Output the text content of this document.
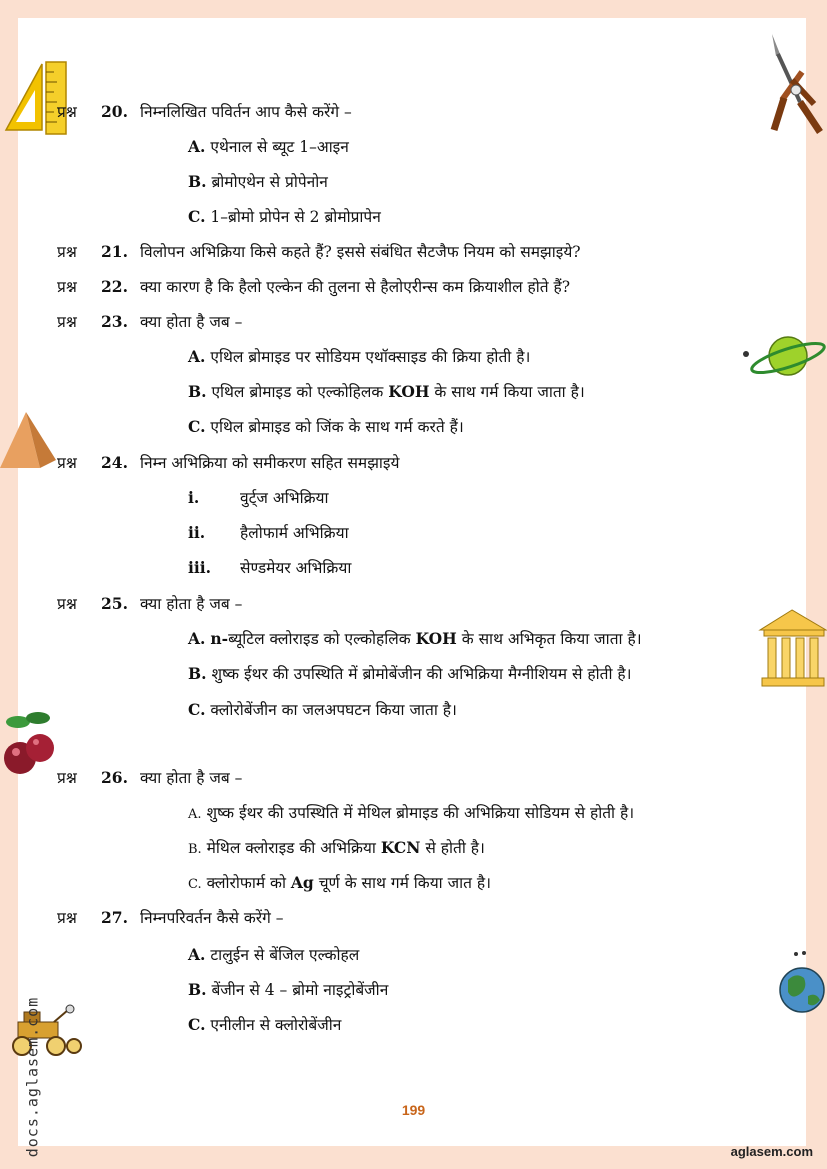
प्रश्न 20. निम्नलिखित पविर्तन आप कैसे करेंगे –
A. एथेनाल से ब्यूट 1–आइन
B. ब्रोमोएथेन से प्रोपेनोन
C. 1–ब्रोमो प्रोपेन से 2 ब्रोमोप्रापेन
प्रश्न 21. विलोपन अभिक्रिया किसे कहते हैं? इससे संबंधित सैटजैफ नियम को समझाइये?
प्रश्न 22. क्या कारण है कि हैलो एल्केन की तुलना से हैलोएरीन्स कम क्रियाशील होते हैं?
प्रश्न 23. क्या होता है जब –
A. एथिल ब्रोमाइड पर सोडियम एथॉक्साइड की क्रिया होती है।
B. एथिल ब्रोमाइड को एल्कोहिलक KOH के साथ गर्म किया जाता है।
C. एथिल ब्रोमाइड को जिंक के साथ गर्म करते हैं।
प्रश्न 24. निम्न अभिक्रिया को समीकरण सहित समझाइये
i.	वुर्ट्ज अभिक्रिया
ii. हैलोफार्म अभिक्रिया
iii. सेण्डमेयर अभिक्रिया
प्रश्न 25. क्या होता है जब –
A. n-ब्यूटिल क्लोराइड को एल्कोहलिक KOH के साथ अभिकृत किया जाता है।
B. शुष्क ईथर की उपस्थिति में ब्रोमोबेंजीन की अभिक्रिया मैग्नीशियम से होती है।
C. क्लोरोबेंजीन का जलअपघटन किया जाता है।
प्रश्न 26. क्या होता है जब –
A. शुष्क ईथर की उपस्थिति में मेथिल ब्रोमाइड की अभिक्रिया सोडियम से होती है।
B. मेथिल क्लोराइड की अभिक्रिया KCN से होती है।
C. क्लोरोफार्म को Ag चूर्ण के साथ गर्म किया जात है।
प्रश्न 27. निम्नपरिवर्तन कैसे करेंगे –
A. टालुईन से बेंजिल एल्कोहल
B. बेंजीन से 4 – ब्रोमो नाइट्रोबेंजीन
C. एनीलीन से क्लोरोबेंजीन
199
aglasem.com
docs.aglasem.com
